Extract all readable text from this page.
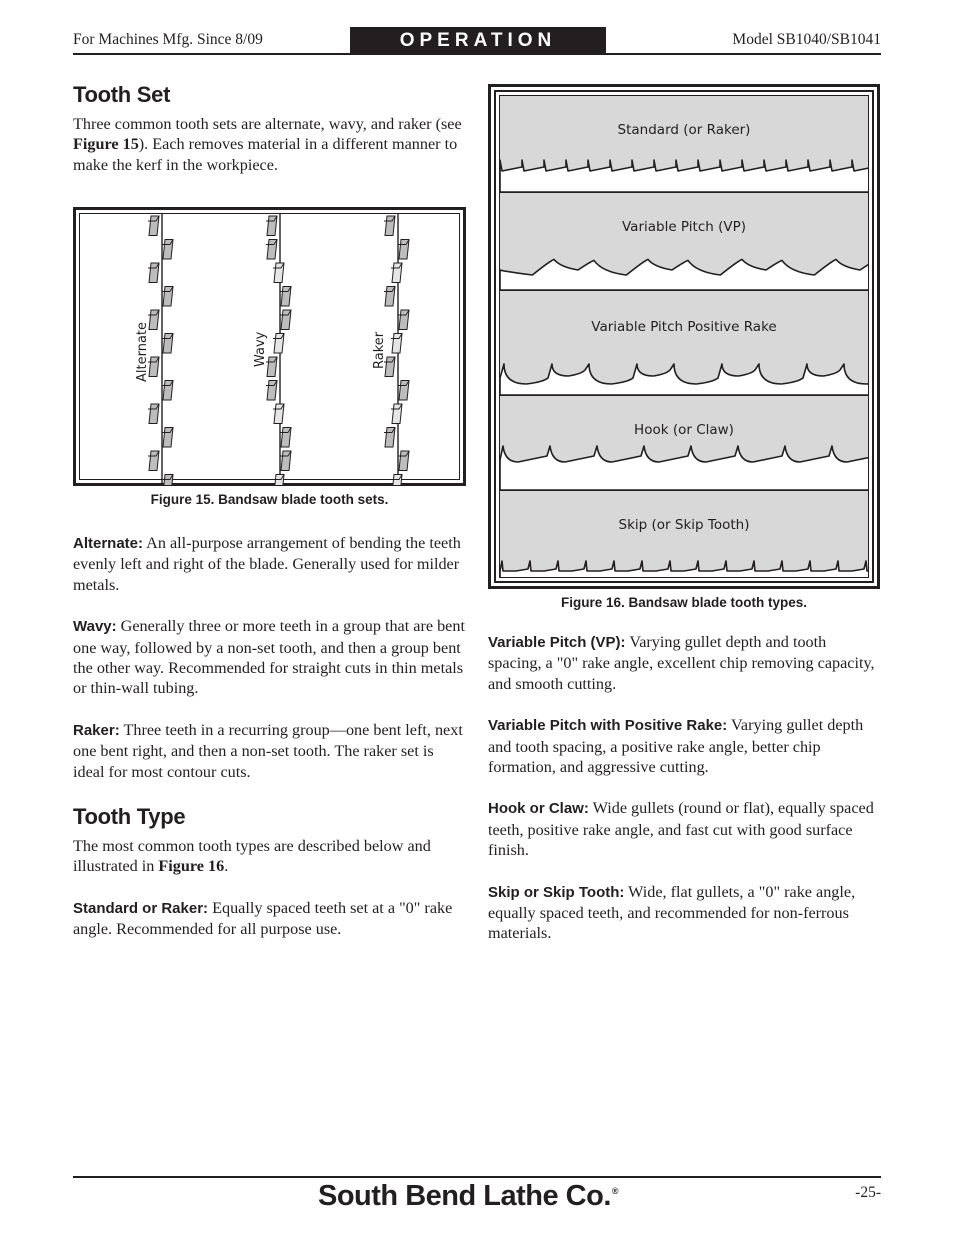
For Machines Mfg. Since 8/09	OPERATION	Model SB1040/SB1041
Tooth Set

Three common tooth sets are alternate, wavy, and raker (see Figure 15). Each removes material in a different manner to make the kerf in the workpiece.

Alternate	Wavy	Raker
Figure 15. Bandsaw blade tooth sets.

Alternate: An all-purpose arrangement of bending the teeth evenly left and right of the blade. Generally used for milder metals.

Wavy: Generally three or more teeth in a group that are bent one way, followed by a non-set tooth, and then a group bent the other way. Recommended for straight cuts in thin metals or thin-wall tubing.

Raker: Three teeth in a recurring group—one bent left, next one bent right, and then a non-set tooth. The raker set is ideal for most contour cuts.

Tooth Type

The most common tooth types are described below and illustrated in Figure 16.

Standard or Raker: Equally spaced teeth set at a "0" rake angle. Recommended for all purpose use.

Standard (or Raker)
Variable Pitch (VP)
Variable Pitch Positive Rake
Hook (or Claw)
Skip (or Skip Tooth)
Figure 16. Bandsaw blade tooth types.

Variable Pitch (VP): Varying gullet depth and tooth spacing, a "0" rake angle, excellent chip removing capacity, and smooth cutting.

Variable Pitch with Positive Rake: Varying gullet depth and tooth spacing, a positive rake angle, better chip formation, and aggressive cutting.

Hook or Claw: Wide gullets (round or flat), equally spaced teeth, positive rake angle, and fast cut with good surface finish.

Skip or Skip Tooth: Wide, flat gullets, a "0" rake angle, equally spaced teeth, and recommended for non-ferrous materials.

South Bend Lathe Co.®	-25-
